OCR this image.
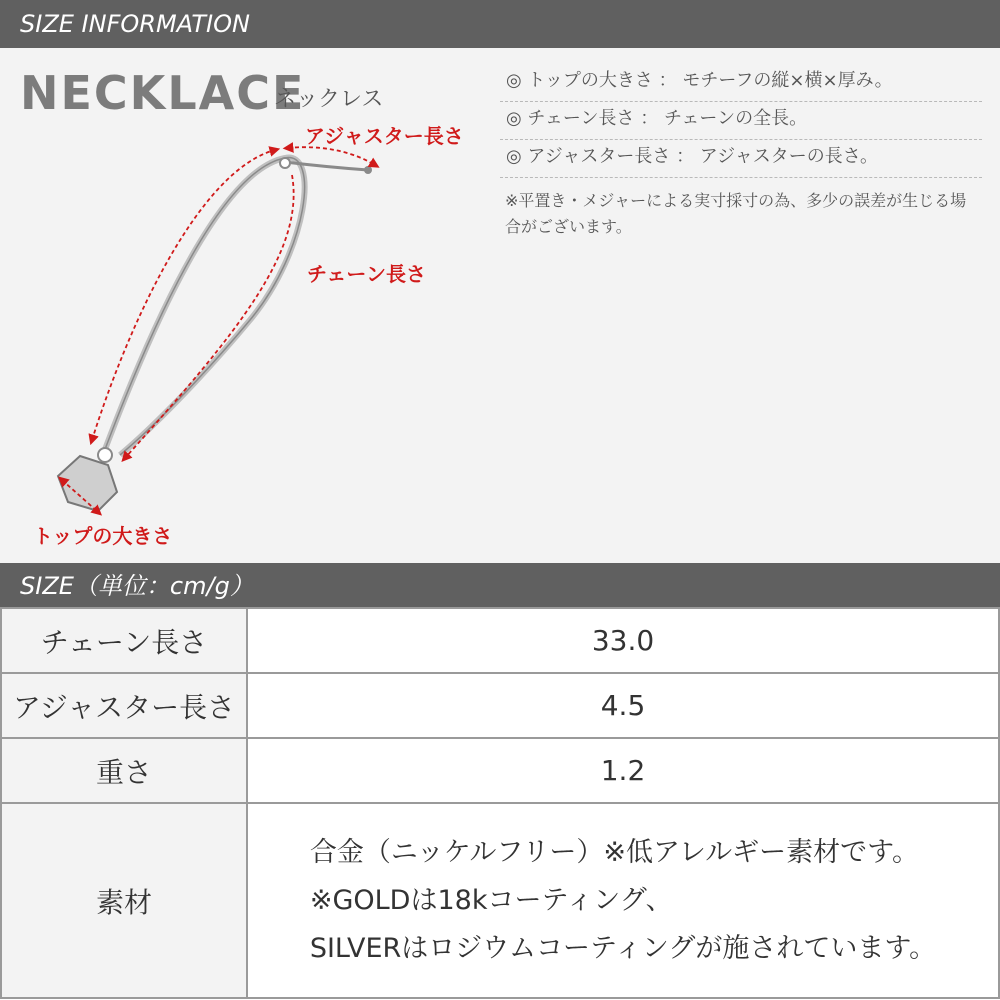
SIZE INFORMATION
NECKLACE
ネックレス
◎ トップの大きさ ： モチーフの縦×横×厚み。
◎ チェーン長さ ： チェーンの全長。
◎ アジャスター長さ ： アジャスターの長さ。
※平置き・メジャーによる実寸採寸の為、多少の誤差が生じる場合がございます。
アジャスター長さ
チェーン長さ
トップの大きさ
SIZE（単位：cm/g）
チェーン長さ	33.0
アジャスター長さ	4.5
重さ	1.2
素材	合金（ニッケルフリー）※低アレルギー素材です。
※GOLDは18kコーティング、
SILVERはロジウムコーティングが施されています。
